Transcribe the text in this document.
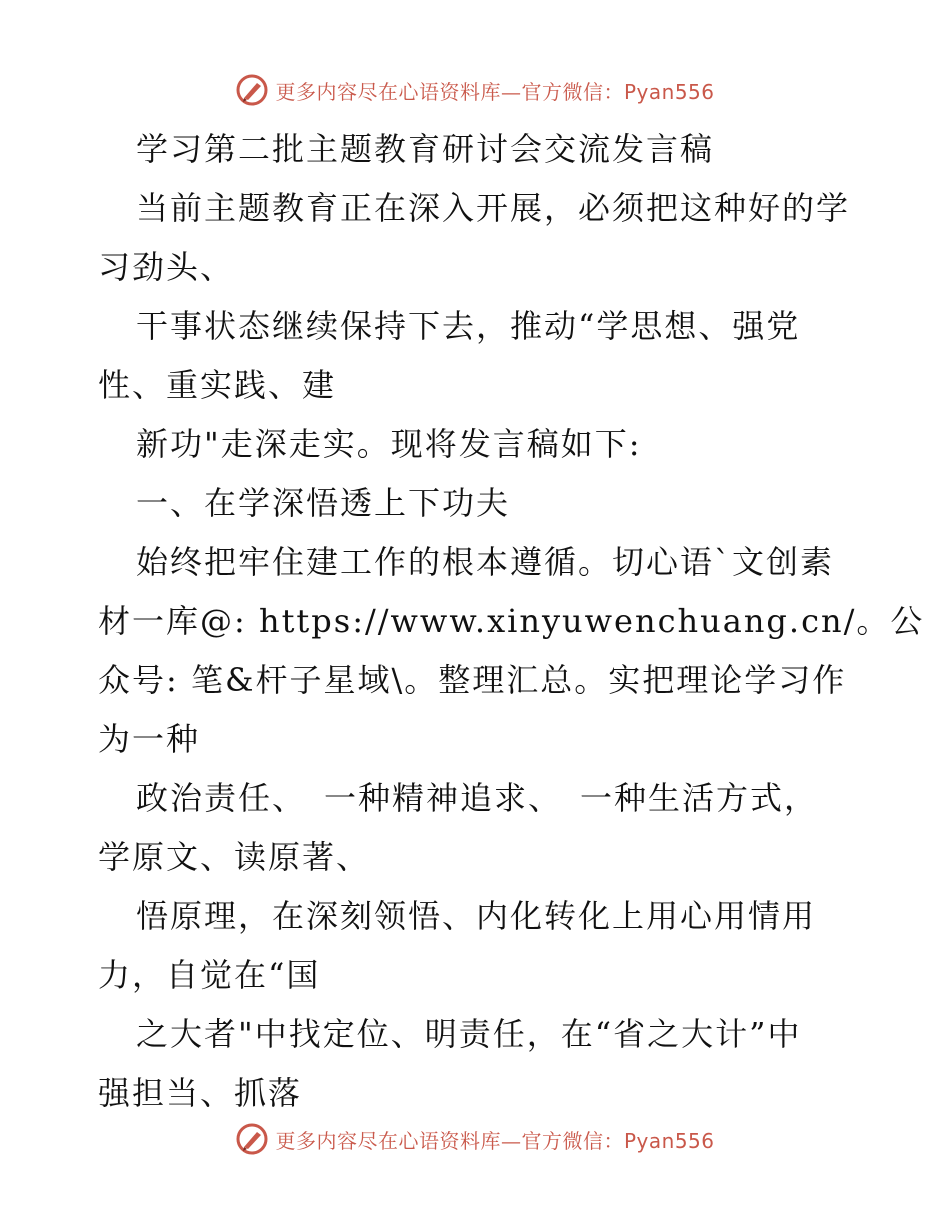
更多内容尽在心语资料库—官方微信：Pyan556
学习第二批主题教育研讨会交流发言稿
当前主题教育正在深入开展，必须把这种好的学
习劲头、
干事状态继续保持下去，推动“学思想、强党
性、重实践、建
新功"走深走实。现将发言稿如下:
一、在学深悟透上下功夫
始终把牢住建工作的根本遵循。切心语`文创素
材一库@: https://www.xinyuwenchuang.cn/。公
众号: 笔&杆子星域\。整理汇总。实把理论学习作
为一种
政治责任、　一种精神追求、　一种生活方式，
学原文、读原著、
悟原理，在深刻领悟、内化转化上用心用情用
力，自觉在“国
之大者"中找定位、明责任，在“省之大计”中
强担当、抓落
更多内容尽在心语资料库—官方微信：Pyan556
